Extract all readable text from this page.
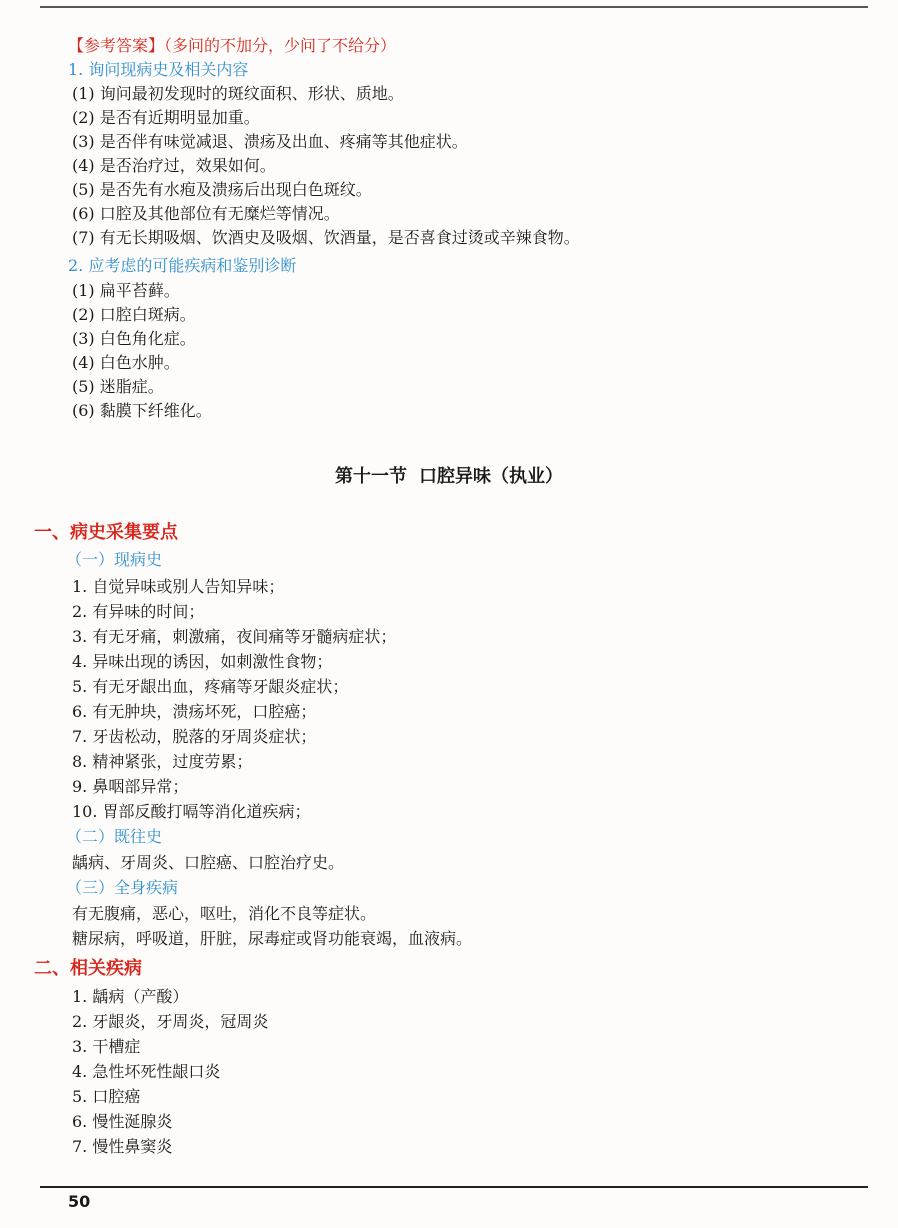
【参考答案】（多问的不加分，少问了不给分）
1. 询问现病史及相关内容
(1) 询问最初发现时的斑纹面积、形状、质地。
(2) 是否有近期明显加重。
(3) 是否伴有味觉减退、溃疡及出血、疼痛等其他症状。
(4) 是否治疗过，效果如何。
(5) 是否先有水疱及溃疡后出现白色斑纹。
(6) 口腔及其他部位有无糜烂等情况。
(7) 有无长期吸烟、饮酒史及吸烟、饮酒量，是否喜食过烫或辛辣食物。
2. 应考虑的可能疾病和鉴别诊断
(1) 扁平苔藓。
(2) 口腔白斑病。
(3) 白色角化症。
(4) 白色水肿。
(5) 迷脂症。
(6) 黏膜下纤维化。
第十一节 口腔异味（执业）
一、病史采集要点
（一）现病史
1. 自觉异味或别人告知异味；
2. 有异味的时间；
3. 有无牙痛，刺激痛，夜间痛等牙髓病症状；
4. 异味出现的诱因，如刺激性食物；
5. 有无牙龈出血，疼痛等牙龈炎症状；
6. 有无肿块，溃疡坏死，口腔癌；
7. 牙齿松动，脱落的牙周炎症状；
8. 精神紧张，过度劳累；
9. 鼻咽部异常；
10. 胃部反酸打嗝等消化道疾病；
（二）既往史
龋病、牙周炎、口腔癌、口腔治疗史。
（三）全身疾病
有无腹痛，恶心，呕吐，消化不良等症状。
糖尿病，呼吸道，肝脏，尿毒症或肾功能衰竭，血液病。
二、相关疾病
1. 龋病（产酸）
2. 牙龈炎，牙周炎，冠周炎
3. 干槽症
4. 急性坏死性龈口炎
5. 口腔癌
6. 慢性涎腺炎
7. 慢性鼻窦炎
50
